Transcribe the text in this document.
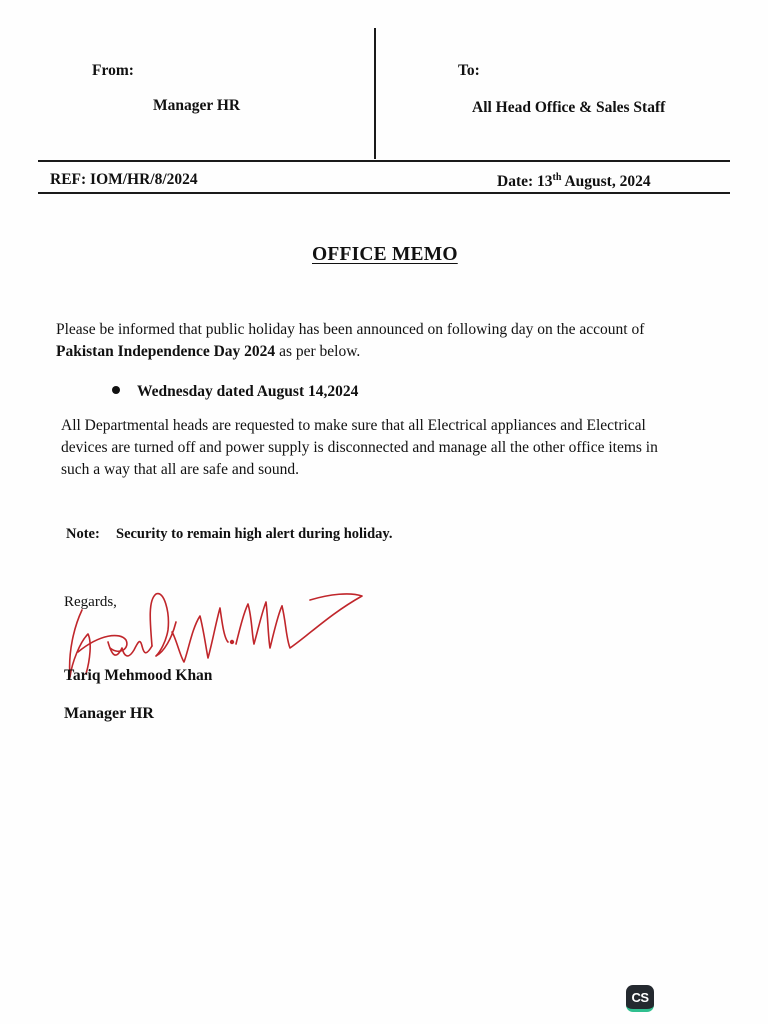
From:
Manager HR
To:
All Head Office & Sales Staff
REF: IOM/HR/8/2024	Date: 13th August, 2024
OFFICE MEMO
Please be informed that public holiday has been announced on following day on the account of
Pakistan Independence Day 2024 as per below.
Wednesday dated August 14,2024
All Departmental heads are requested to make sure that all Electrical appliances and Electrical
devices are turned off and power supply is disconnected and manage all the other office items in
such a way that all are safe and sound.
Note: Security to remain high alert during holiday.
Regards,
Tariq Mehmood Khan
Manager HR
CS
